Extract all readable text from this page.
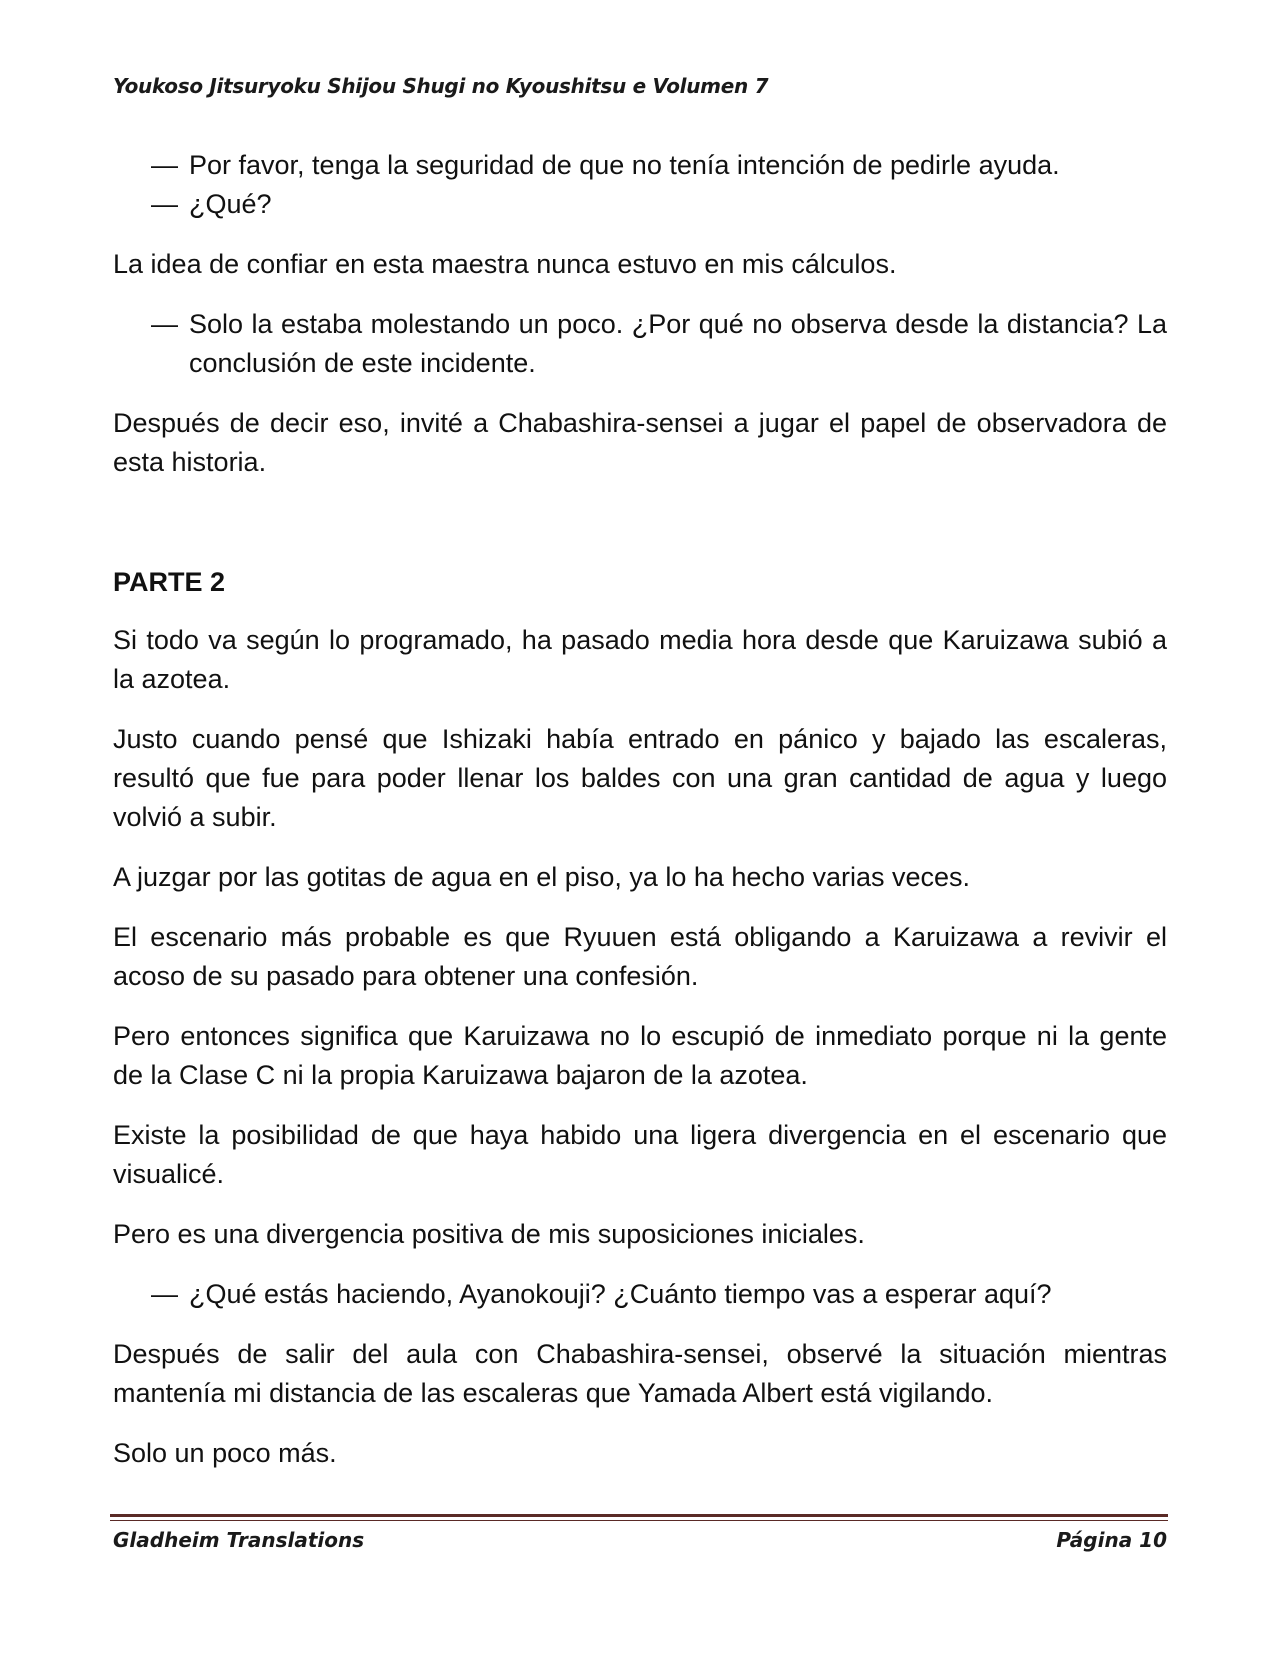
Youkoso Jitsuryoku Shijou Shugi no Kyoushitsu e Volumen 7
— Por favor, tenga la seguridad de que no tenía intención de pedirle ayuda.
— ¿Qué?

La idea de confiar en esta maestra nunca estuvo en mis cálculos.

— Solo la estaba molestando un poco. ¿Por qué no observa desde la distancia? La conclusión de este incidente.

Después de decir eso, invité a Chabashira-sensei a jugar el papel de observadora de esta historia.

PARTE 2

Si todo va según lo programado, ha pasado media hora desde que Karuizawa subió a la azotea.

Justo cuando pensé que Ishizaki había entrado en pánico y bajado las escaleras, resultó que fue para poder llenar los baldes con una gran cantidad de agua y luego volvió a subir.

A juzgar por las gotitas de agua en el piso, ya lo ha hecho varias veces.

El escenario más probable es que Ryuuen está obligando a Karuizawa a revivir el acoso de su pasado para obtener una confesión.

Pero entonces significa que Karuizawa no lo escupió de inmediato porque ni la gente de la Clase C ni la propia Karuizawa bajaron de la azotea.

Existe la posibilidad de que haya habido una ligera divergencia en el escenario que visualicé.

Pero es una divergencia positiva de mis suposiciones iniciales.

— ¿Qué estás haciendo, Ayanokouji? ¿Cuánto tiempo vas a esperar aquí?

Después de salir del aula con Chabashira-sensei, observé la situación mientras mantenía mi distancia de las escaleras que Yamada Albert está vigilando.

Solo un poco más.

Gladheim Translations	Página 10
